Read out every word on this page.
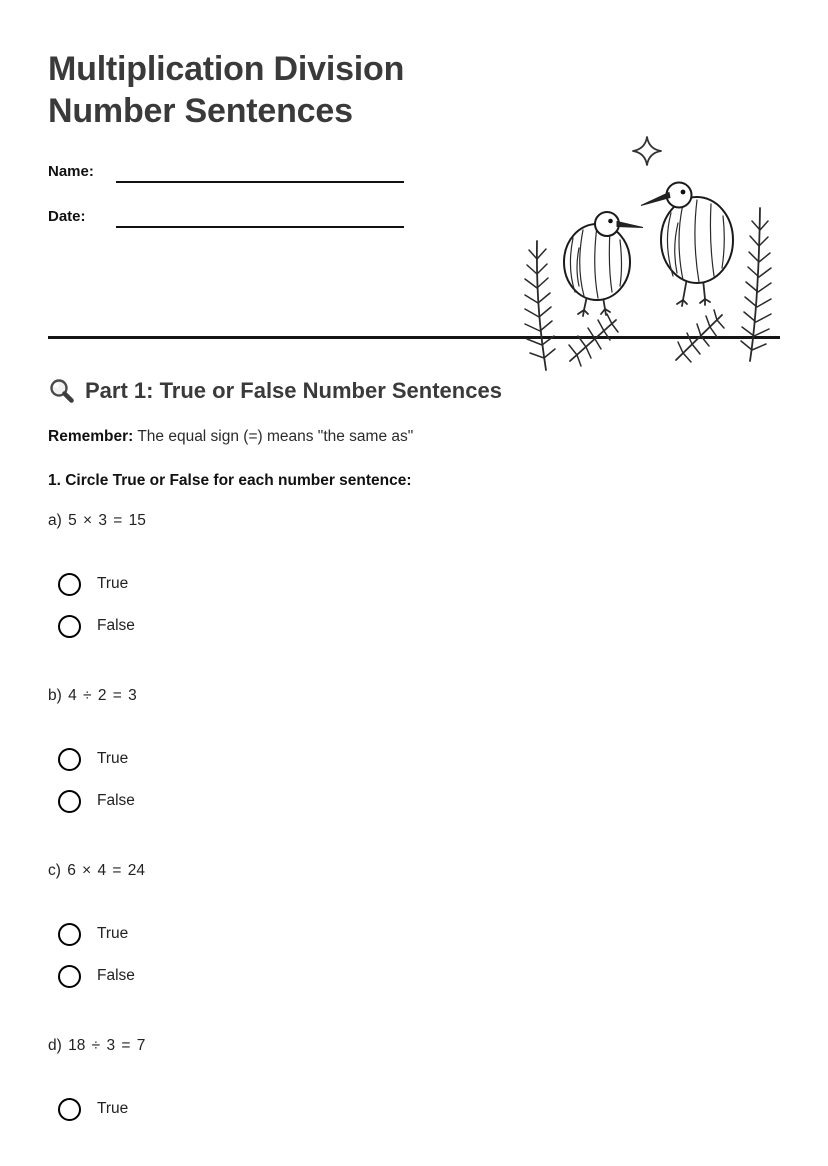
Multiplication Division Number Sentences
Name:
Date:
Part 1: True or False Number Sentences

Remember: The equal sign (=) means "the same as"

1. Circle True or False for each number sentence:

a) 5 × 3 = 15

True
False

b) 4 ÷ 2 = 3

True
False

c) 6 × 4 = 24

True
False

d) 18 ÷ 3 = 7

True
